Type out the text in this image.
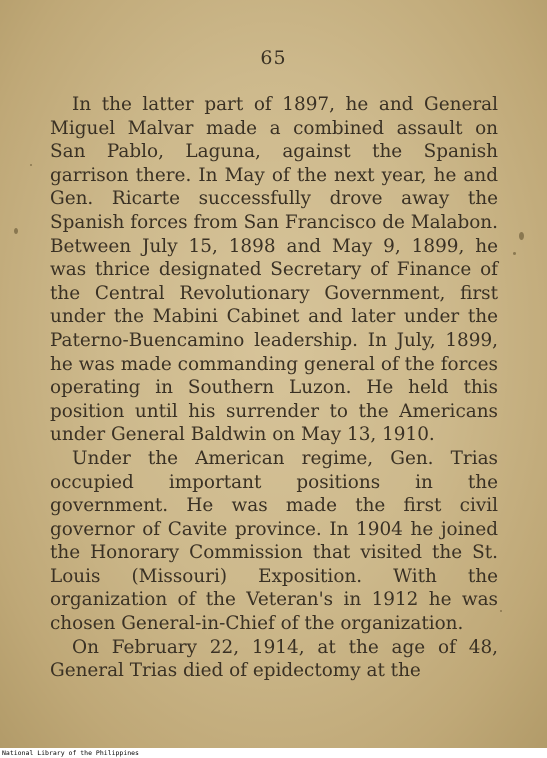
65

In the latter part of 1897, he and General Miguel Malvar made a combined assault on San Pablo, Laguna, against the Spanish garrison there. In May of the next year, he and Gen. Ricarte successfully drove away the Spanish forces from San Francisco de Malabon. Between July 15, 1898 and May 9, 1899, he was thrice designated Secretary of Finance of the Central Revolutionary Government, first under the Mabini Cabinet and later under the Paterno-Buencamino leadership. In July, 1899, he was made commanding general of the forces operating in Southern Luzon. He held this position until his surrender to the Americans under General Baldwin on May 13, 1910.

Under the American regime, Gen. Trias occupied important positions in the government. He was made the first civil governor of Cavite province. In 1904 he joined the Honorary Commission that visited the St. Louis (Missouri) Exposition. With the organization of the Veteran's in 1912 he was chosen General-in-Chief of the organization.

On February 22, 1914, at the age of 48, General Trias died of epidectomy at the

National Library of the Philippines
